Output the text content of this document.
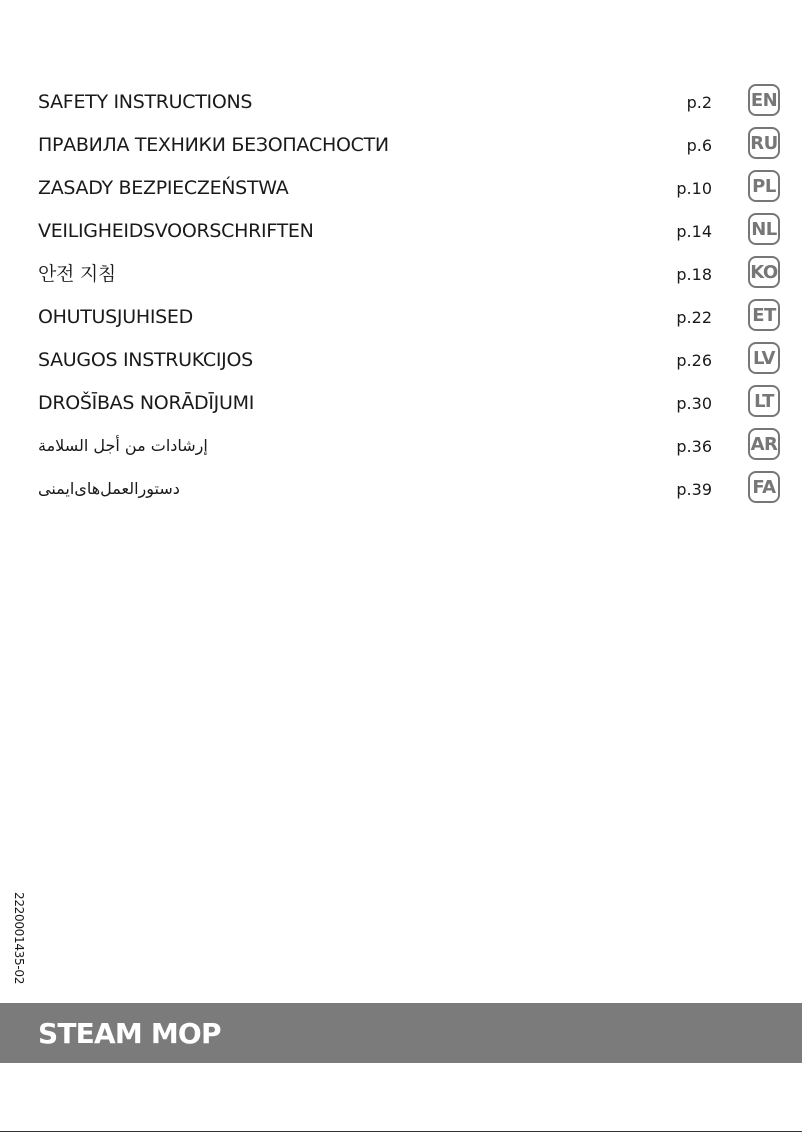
SAFETY INSTRUCTIONS	p.2 EN
ПРАВИЛА ТЕХНИКИ БЕЗОПАСНОСТИ	p.6 RU
ZASADY BEZPIECZEŃSTWA	p.10 PL
VEILIGHEIDSVOORSCHRIFTEN	p.14 NL
안전 지침	p.18 KO
OHUTUSJUHISED	p.22 ET
SAUGOS INSTRUKCIJOS	p.26 LV
DROŠĪBAS NORĀDĪJUMI	p.30	LT
إرشادات من أجل السلامة	p.36 AR
دستورالعمل‌های‌ایمنی	p.39 FA
2220001435-02
STEAM MOP
